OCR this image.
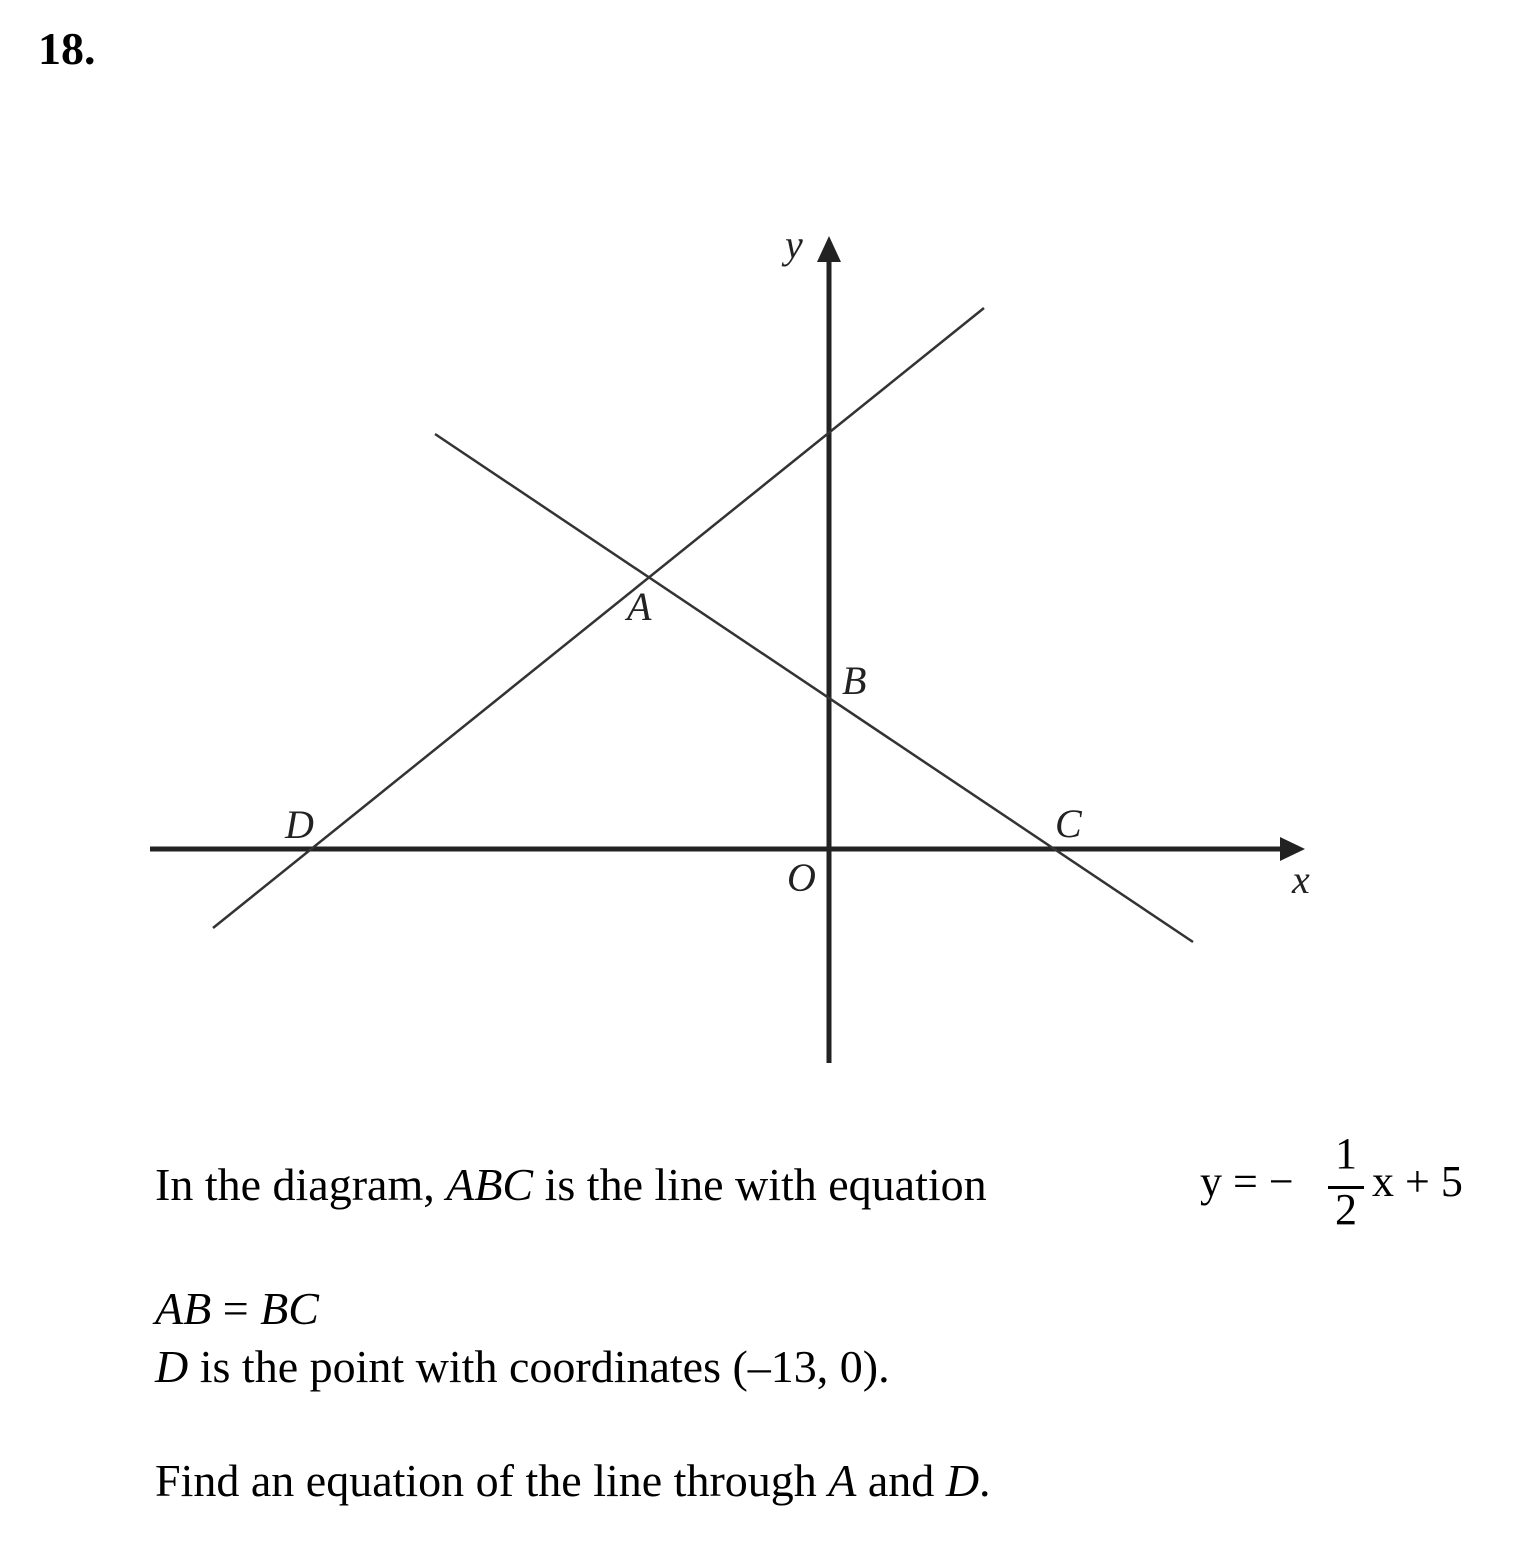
18.
y
x
O
A
B
C
D
In the diagram, ABC is the line with equation	y = −
1
2
x + 5
AB = BC
D is the point with coordinates (–13, 0).
Find an equation of the line through A and D.
